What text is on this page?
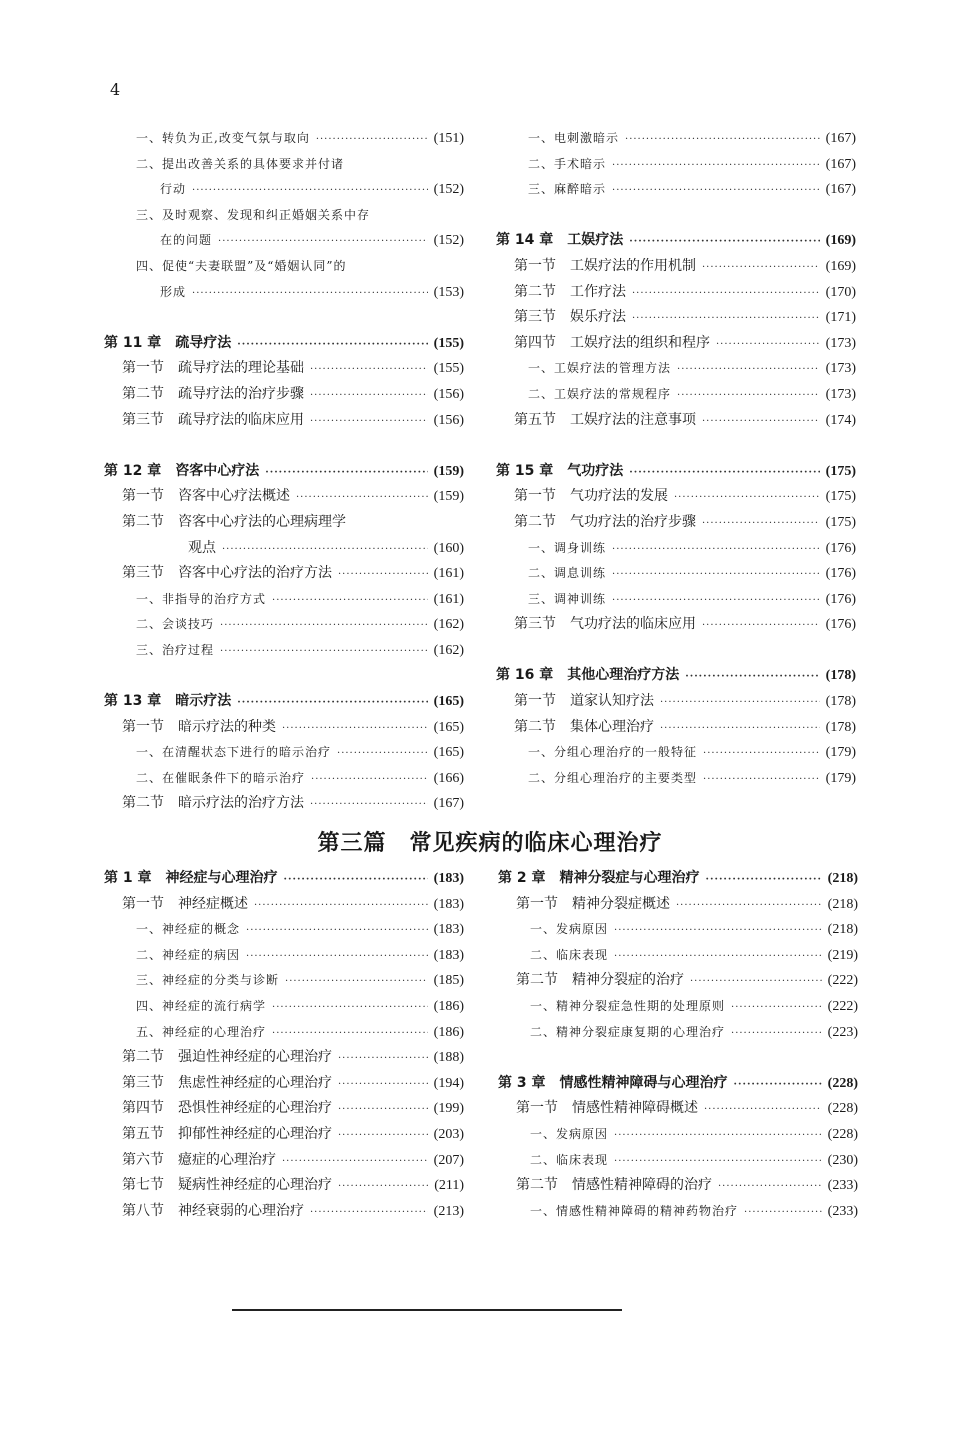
4
一、转负为正,改变气氛与取向 ·····	(151)
二、提出改善关系的具体要求并付诸
行动 ·····	(152)
三、及时观察、发现和纠正婚姻关系中存
在的问题 ·····	(152)
四、促使“夫妻联盟”及“婚姻认同”的
形成 ·····	(153)
第 11 章　疏导疗法 ·····	(155)
第一节　疏导疗法的理论基础 ·····	(155)
第二节　疏导疗法的治疗步骤 ·····	(156)
第三节　疏导疗法的临床应用 ·····	(156)
第 12 章　咨客中心疗法 ·····	(159)
第一节　咨客中心疗法概述 ·····	(159)
第二节　咨客中心疗法的心理病理学
观点 ·····	(160)
第三节　咨客中心疗法的治疗方法 ·····	(161)
一、非指导的治疗方式 ·····	(161)
二、会谈技巧 ·····	(162)
三、治疗过程 ·····	(162)
第 13 章　暗示疗法 ·····	(165)
第一节　暗示疗法的种类 ·····	(165)
一、在清醒状态下进行的暗示治疗 ·····	(165)
二、在催眠条件下的暗示治疗 ·····	(166)
第二节　暗示疗法的治疗方法 ·····	(167)
一、电刺激暗示 ·····	(167)
二、手术暗示 ·····	(167)
三、麻醉暗示 ·····	(167)
第 14 章　工娱疗法 ·····	(169)
第一节　工娱疗法的作用机制 ·····	(169)
第二节　工作疗法 ·····	(170)
第三节　娱乐疗法 ·····	(171)
第四节　工娱疗法的组织和程序 ·····	(173)
一、工娱疗法的管理方法 ·····	(173)
二、工娱疗法的常规程序 ·····	(173)
第五节　工娱疗法的注意事项 ·····	(174)
第 15 章　气功疗法 ·····	(175)
第一节　气功疗法的发展 ·····	(175)
第二节　气功疗法的治疗步骤 ·····	(175)
一、调身训练 ·····	(176)
二、调息训练 ·····	(176)
三、调神训练 ·····	(176)
第三节　气功疗法的临床应用 ·····	(176)
第 16 章　其他心理治疗方法 ·····	(178)
第一节　道家认知疗法 ·····	(178)
第二节　集体心理治疗 ·····	(178)
一、分组心理治疗的一般特征 ·····	(179)
二、分组心理治疗的主要类型 ·····	(179)
第三篇　常见疾病的临床心理治疗
第 1 章　神经症与心理治疗 ·····	(183)
第一节　神经症概述 ·····	(183)
一、神经症的概念 ·····	(183)
二、神经症的病因 ·····	(183)
三、神经症的分类与诊断 ·····	(185)
四、神经症的流行病学 ·····	(186)
五、神经症的心理治疗 ·····	(186)
第二节　强迫性神经症的心理治疗 ·····	(188)
第三节　焦虑性神经症的心理治疗 ·····	(194)
第四节　恐惧性神经症的心理治疗 ·····	(199)
第五节　抑郁性神经症的心理治疗 ·····	(203)
第六节　癔症的心理治疗 ·····	(207)
第七节　疑病性神经症的心理治疗 ·····	(211)
第八节　神经衰弱的心理治疗 ·····	(213)
第 2 章　精神分裂症与心理治疗 ·····	(218)
第一节　精神分裂症概述 ·····	(218)
一、发病原因 ·····	(218)
二、临床表现 ·····	(219)
第二节　精神分裂症的治疗 ·····	(222)
一、精神分裂症急性期的处理原则 ·····	(222)
二、精神分裂症康复期的心理治疗 ·····	(223)
第 3 章　情感性精神障碍与心理治疗 ·····	(228)
第一节　情感性精神障碍概述 ·····	(228)
一、发病原因 ·····	(228)
二、临床表现 ·····	(230)
第二节　情感性精神障碍的治疗 ·····	(233)
一、情感性精神障碍的精神药物治疗 ·····	(233)
